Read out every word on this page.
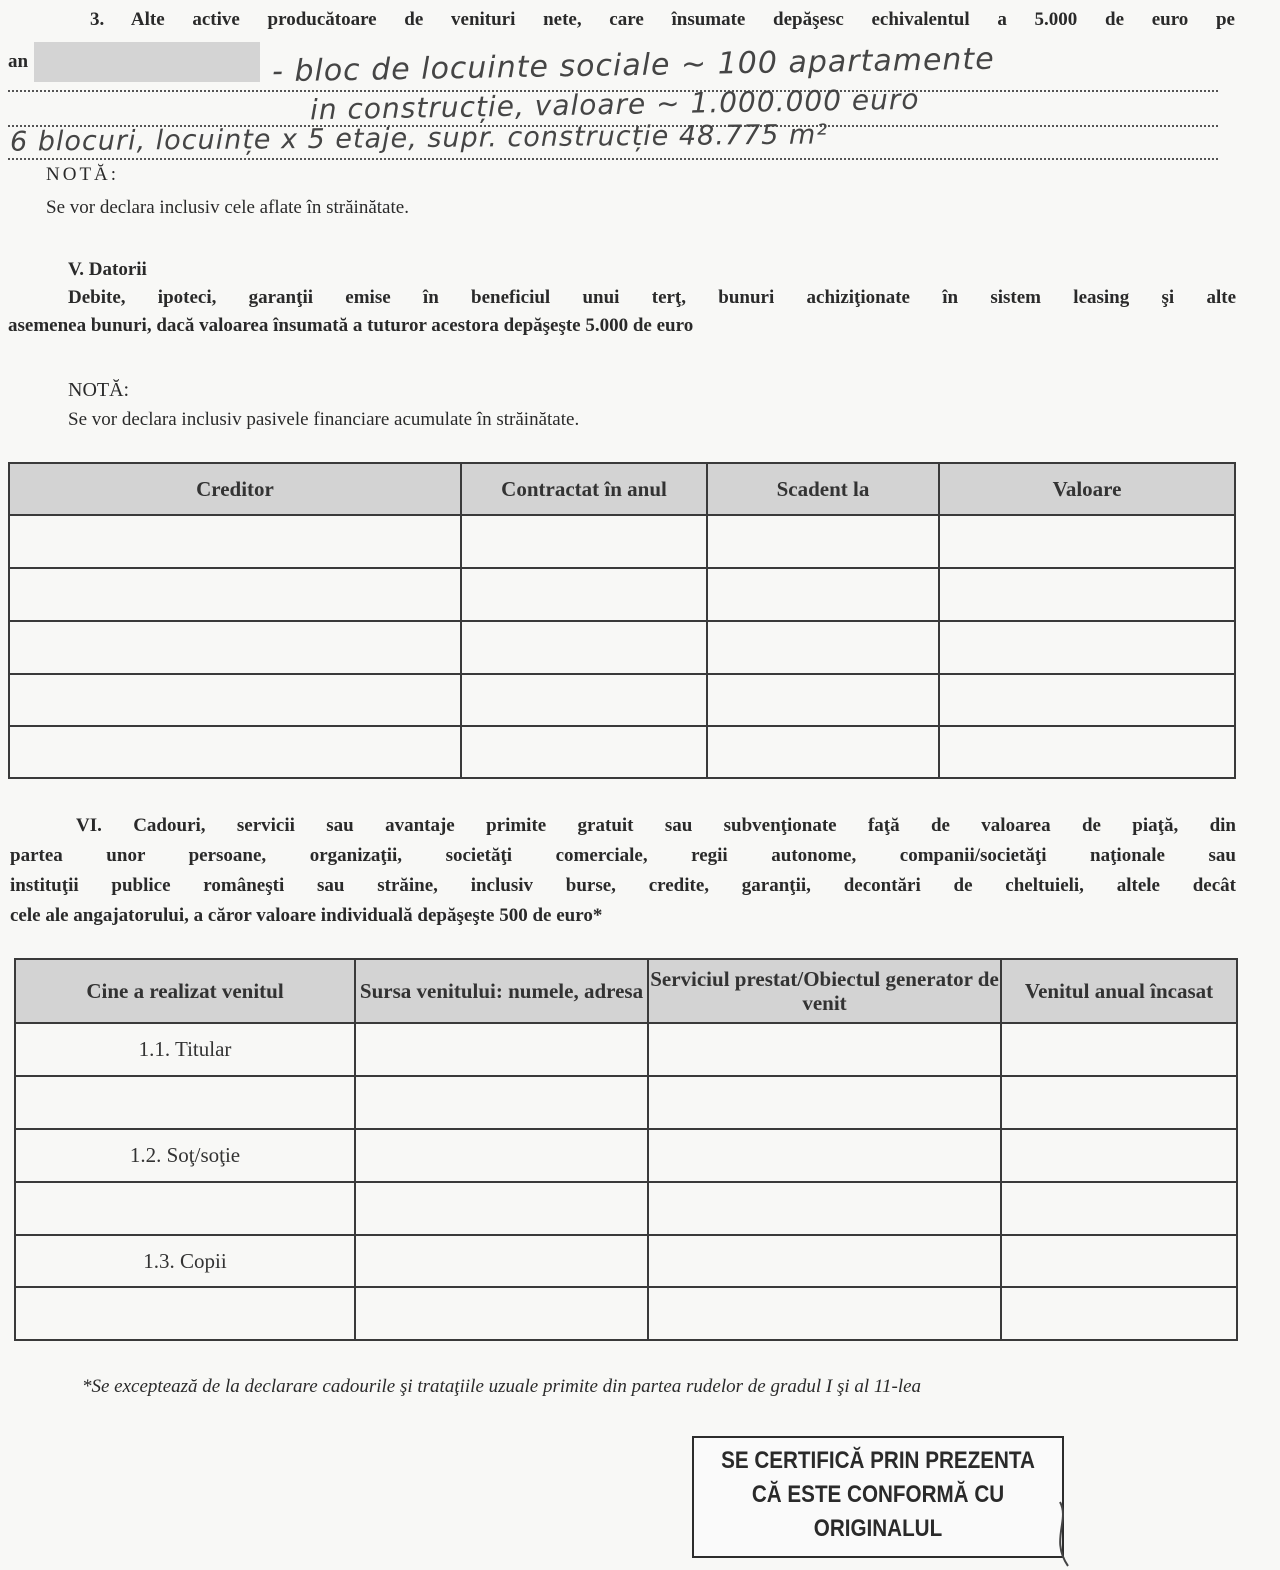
3. Alte active producătoare de venituri nete, care însumate depăşesc echivalentul a 5.000 de euro pe
an	- bloc de locuinte sociale ~ 100 apartamente
in construcție, valoare ~ 1.000.000 euro
6 blocuri, locuințe x 5 etaje, supr. construcție 48.775 m²
NOTĂ:
Se vor declara inclusiv cele aflate în străinătate.
V. Datorii
Debite, ipoteci, garanţii emise în beneficiul unui terţ, bunuri achiziţionate în sistem leasing şi alte
asemenea bunuri, dacă valoarea însumată a tuturor acestora depăşeşte 5.000 de euro
NOTĂ:
Se vor declara inclusiv pasivele financiare acumulate în străinătate.
Creditor	Contractat în anul	Scadent la	Valoare

VI. Cadouri, servicii sau avantaje primite gratuit sau subvenţionate faţă de valoarea de piaţă, din
partea unor persoane, organizaţii, societăţi comerciale, regii autonome, companii/societăţi naţionale sau
instituţii publice româneşti sau străine, inclusiv burse, credite, garanţii, decontări de cheltuieli, altele decât
cele ale angajatorului, a căror valoare individuală depăşeşte 500 de euro*
Cine a realizat venitul	Sursa venitului: numele, adresa	Serviciul prestat/Obiectul generator de venit	Venitul anual încasat
1.1. Titular			

1.2. Soţ/soţie			

1.3. Copii			

*Se exceptează de la declarare cadourile şi trataţiile uzuale primite din partea rudelor de gradul I şi al 11-lea
SE CERTIFICĂ PRIN PREZENTA
CĂ ESTE CONFORMĂ CU
ORIGINALUL
